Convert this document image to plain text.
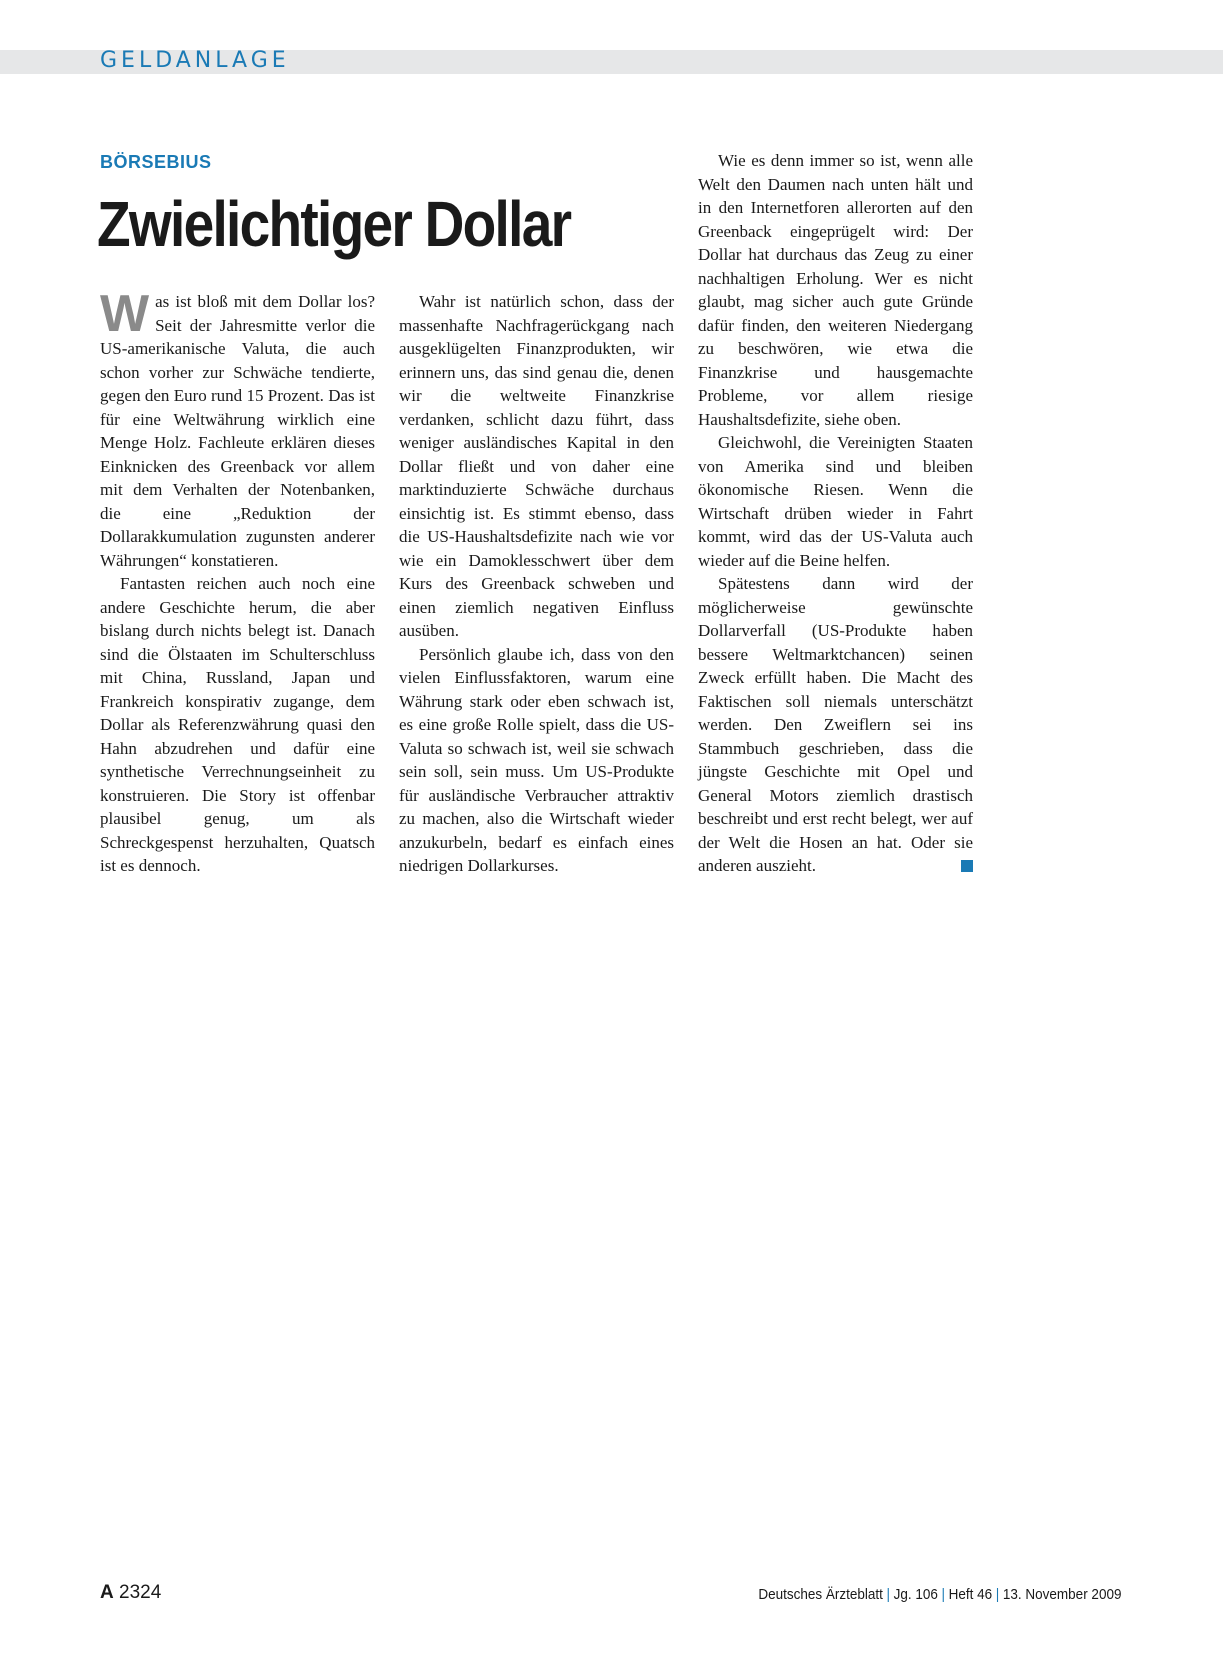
GELDANLAGE
BÖRSEBIUS
Zwielichtiger Dollar

Was ist bloß mit dem Dollar los? Seit der Jahresmitte verlor die US-amerikanische Valuta, die auch schon vorher zur Schwäche tendierte, gegen den Euro rund 15 Prozent. Das ist für eine Weltwährung wirklich eine Menge Holz. Fachleute erklären dieses Einknicken des Greenback vor allem mit dem Verhalten der Notenbanken, die eine „Reduktion der Dollarakkumulation zugunsten anderer Währungen“ konstatieren.

Fantasten reichen auch noch eine andere Geschichte herum, die aber bislang durch nichts belegt ist. Danach sind die Ölstaaten im Schulterschluss mit China, Russland, Japan und Frankreich konspirativ zugange, dem Dollar als Referenzwährung quasi den Hahn abzudrehen und dafür eine synthetische Verrechnungseinheit zu konstruieren. Die Story ist offenbar plausibel genug, um als Schreckgespenst herzuhalten, Quatsch ist es dennoch.

Wahr ist natürlich schon, dass der massenhafte Nachfragerückgang nach ausgeklügelten Finanzprodukten, wir erinnern uns, das sind genau die, denen wir die weltweite Finanzkrise verdanken, schlicht dazu führt, dass weniger ausländisches Kapital in den Dollar fließt und von daher eine marktinduzierte Schwäche durchaus einsichtig ist. Es stimmt ebenso, dass die US-Haushaltsdefizite nach wie vor wie ein Damoklesschwert über dem Kurs des Greenback schweben und einen ziemlich negativen Einfluss ausüben.

Persönlich glaube ich, dass von den vielen Einflussfaktoren, warum eine Währung stark oder eben schwach ist, es eine große Rolle spielt, dass die US-Valuta so schwach ist, weil sie schwach sein soll, sein muss. Um US-Produkte für ausländische Verbraucher attraktiv zu machen, also die Wirtschaft wieder anzukurbeln, bedarf es einfach eines niedrigen Dollarkurses.

Wie es denn immer so ist, wenn alle Welt den Daumen nach unten hält und in den Internetforen allerorten auf den Greenback eingeprügelt wird: Der Dollar hat durchaus das Zeug zu einer nachhaltigen Erholung. Wer es nicht glaubt, mag sicher auch gute Gründe dafür finden, den weiteren Niedergang zu beschwören, wie etwa die Finanzkrise und hausgemachte Probleme, vor allem riesige Haushaltsdefizite, siehe oben.

Gleichwohl, die Vereinigten Staaten von Amerika sind und bleiben ökonomische Riesen. Wenn die Wirtschaft drüben wieder in Fahrt kommt, wird das der US-Valuta auch wieder auf die Beine helfen.

Spätestens dann wird der möglicherweise gewünschte Dollarverfall (US-Produkte haben bessere Weltmarktchancen) seinen Zweck erfüllt haben. Die Macht des Faktischen soll niemals unterschätzt werden. Den Zweiflern sei ins Stammbuch geschrieben, dass die jüngste Geschichte mit Opel und General Motors ziemlich drastisch beschreibt und erst recht belegt, wer auf der Welt die Hosen an hat. Oder sie anderen auszieht.

A 2324	Deutsches Ärzteblatt | Jg. 106 | Heft 46 | 13. November 2009
